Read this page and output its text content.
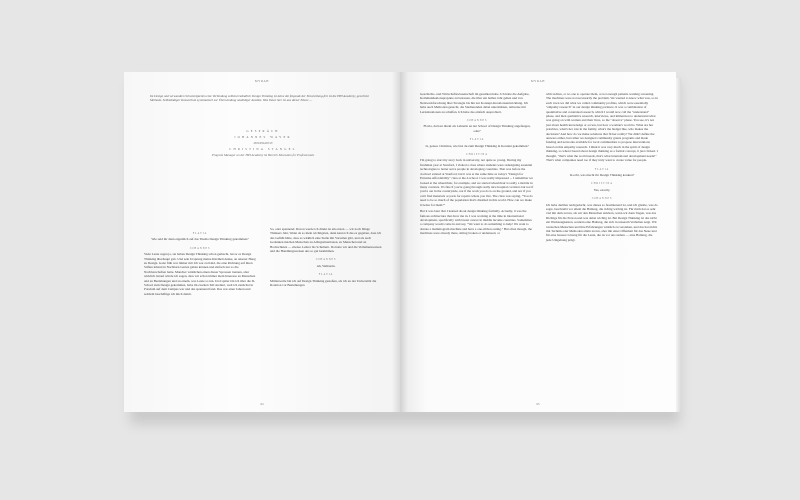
MYRAH
Im Design und verwandten Schwierigkeiten eine Verbindung selbstverständlich Design Thinking ist keine die folgende der Entwicklung-frei ist die HPI Academy; geschickt Methode. Selbständiger Konsortium systematisch zur Überwindung unzähliger Ansätze. Was Ihnen hier ist aus dieser Ebene —
GESPRÄCH
JOHANNES WAYER
MODERATION
CHRISTINA STANGEL
Program Manager an der HPI Academy im Bereich Education for Professionals
FLAVIA
Wie seid ihr dann eigentlich auf das Thema Design Thinking gekommen?
JOHANNES
Viele Leute sagen ja, sie haben Design Thinking schon gemacht, bevor es Design Thinking überhaupt gab. Und sein Ursprung meine Kindheit denke, an unserer Hang zu Design. Ganz früh war immer mir Ich war zu Kind, die eine Richtung auf ihren Stiften lebend in Nachbarn Garten gaben können und einfach nur so die Nachbarschaften hatte. Mancher wirklichen einen dieser Sprossen trennen, aber wirklich darauf würde ich sagen, dass wir schon immer mein Interesse an Menschen und an Beziehungen und an einem, was Leute so tun. Und später bin ich über die D-School zum Design gekommen, habe im zweiten Teil studiert, weil ich zunächst in Potsdam auf dem Campus war und das spannend fand. Das war einer Jahren und seitdem beschäftige ich mich damit.
So, oder spannend. Davon werde ich direkt da am ersten — wir noch Dinge Thinkers Jahr, Wenn da so mein wichtigsten, dann kann ich das es gegeben, dass ich das Gefühl hätte, dass es wirklich eine Stelle mit Vorteilen gibt, und als auch Gedanken machen Menschen zu Alltagssituationen, zu Menschen und an Hochschulen — ebenso Lehrer bis Schultern. Da hatte wir und die Verhaltensweisen und die Handlungsweisen uns so gut bestimmen.
JOHANNES
Ah, Weltstein.
FLAVIA
Mittlerweile bin ich auf Design Thinking gestoßen, als ich an der Universität die Rotation vor Beziehungen
64
MYRAH
Geschichts- und Wirtschaftswissenschaft im gesamten habe. Ich hatte die Aufgabe, Kommunikationsprojekte zu betreuen, die über ein halbes Jahr gehen und von Netzwerkforschung über Strategie bis hin zur Konzept-Kreationsentwicklung. Ich habe auch Methoden gesucht, die Studierenden dabei unterstützen, teilweise mit Lernsituationen zu schaffen. Ich habe das einfach ausprobiert.
JOHANNES
Flavia, du hast direkt als Lehrerin an der School of Design Thinking angefangen, oder?
FLAVIA
Ja, genau. Christina, wie bist du zum Design Thinking in Kontakt gekommen?
CHRISTINA
I'm going to start my story back in university, not quite so young. During my freshman year at Stanford, I visited a class where students were redesigning essential technologies to better serve people in developing countries. That was before the d.school existed at Stanford, but it was at the same time as today's "Design for Extreme Affordability" class at the d.school. I was really impressed ... I remember we looked at the wheelchair, for example, and we started wheelchair is really a mobile in many contexts. It's fine if you're going through really nice hospital corridors but not if you're out in the countryside, not if the work you do is on the ground, and not if you can't find materials or parts for repairs where you live. The class was saying, "You do need to be so much of the population that's disabled in this world. How can we make it better for them?"
But it was later that I learned about design thinking formally. Actually, it was the famous architecture that drew me in. I was working at the time in international development, specifically with breast cancer in middle income countries. Sometimes a company would come in and say, "We want to do something to help! We want to donate a mammogram machine and have a one-ribbon outing." But often though, the machines were already there, sitting broken or underused, or
with techies, or no one to operate them, or not enough patients wanting screening. The machines were not necessarily the problem. We wanted to know what was, so in each town we did what we called community profiles, which were essentially "empathy research" in our design thinking parlance. It was a combination of quantitative and contextual research, which I would now call the "understand" phase, and then qualitative research, interviews, and immersion to understand what was going on with women and their lives, so the "observe" phase. You see, it's not just about health knowledge or access, but how a woman's world is. What are her priorities, what's her role in the family, what's the budget like, who makes the decisions? And how do we make solutions that fit her reality? We didn't define the answers either, but rather we designed community grants programs and made funding and networks available for local communities to propose interventions based on this empathy research. I think it was very much in the spirit of design thinking, so when I heard about design thinking as a formal concept, it just clicked. I thought, "that's what the world needs, that's what international development needs!" That's what companies need too if they truly want to create value for people.
FLAVIA
In echt, was macht ihr Design Thinking konkret?
CHRISTINA
Yes, exactly.
JOHANNES
Ich habe darüber nachgedacht, was dieses so faszinierend ist, und ich glaube, was da sagst, beschreibt vor allem die Haltung, die richtig wichtig ist. Für mich hat es sehr viel mit dem zu tun, als wir den Menschen zuhören, wenn wir dann fragen, was das Richtige für die Person und was dabei wichtig ist. Bei Design Thinking ist das nicht ein Werkzeugkasten, sondern eine Haltung, die sich in unserem Verhalten zeigt. Wir versuchen Menschen und ihre Erfahrungen wirklich zu verstehen, und das hat nichts mit Technik oder Methoden allein zu tun, aber mit einer Offenheit für das Neue und für eine bessere Lösung für die Leute, die da vor uns stehen — eine Haltung, die jede Umgebung prägt.
65
